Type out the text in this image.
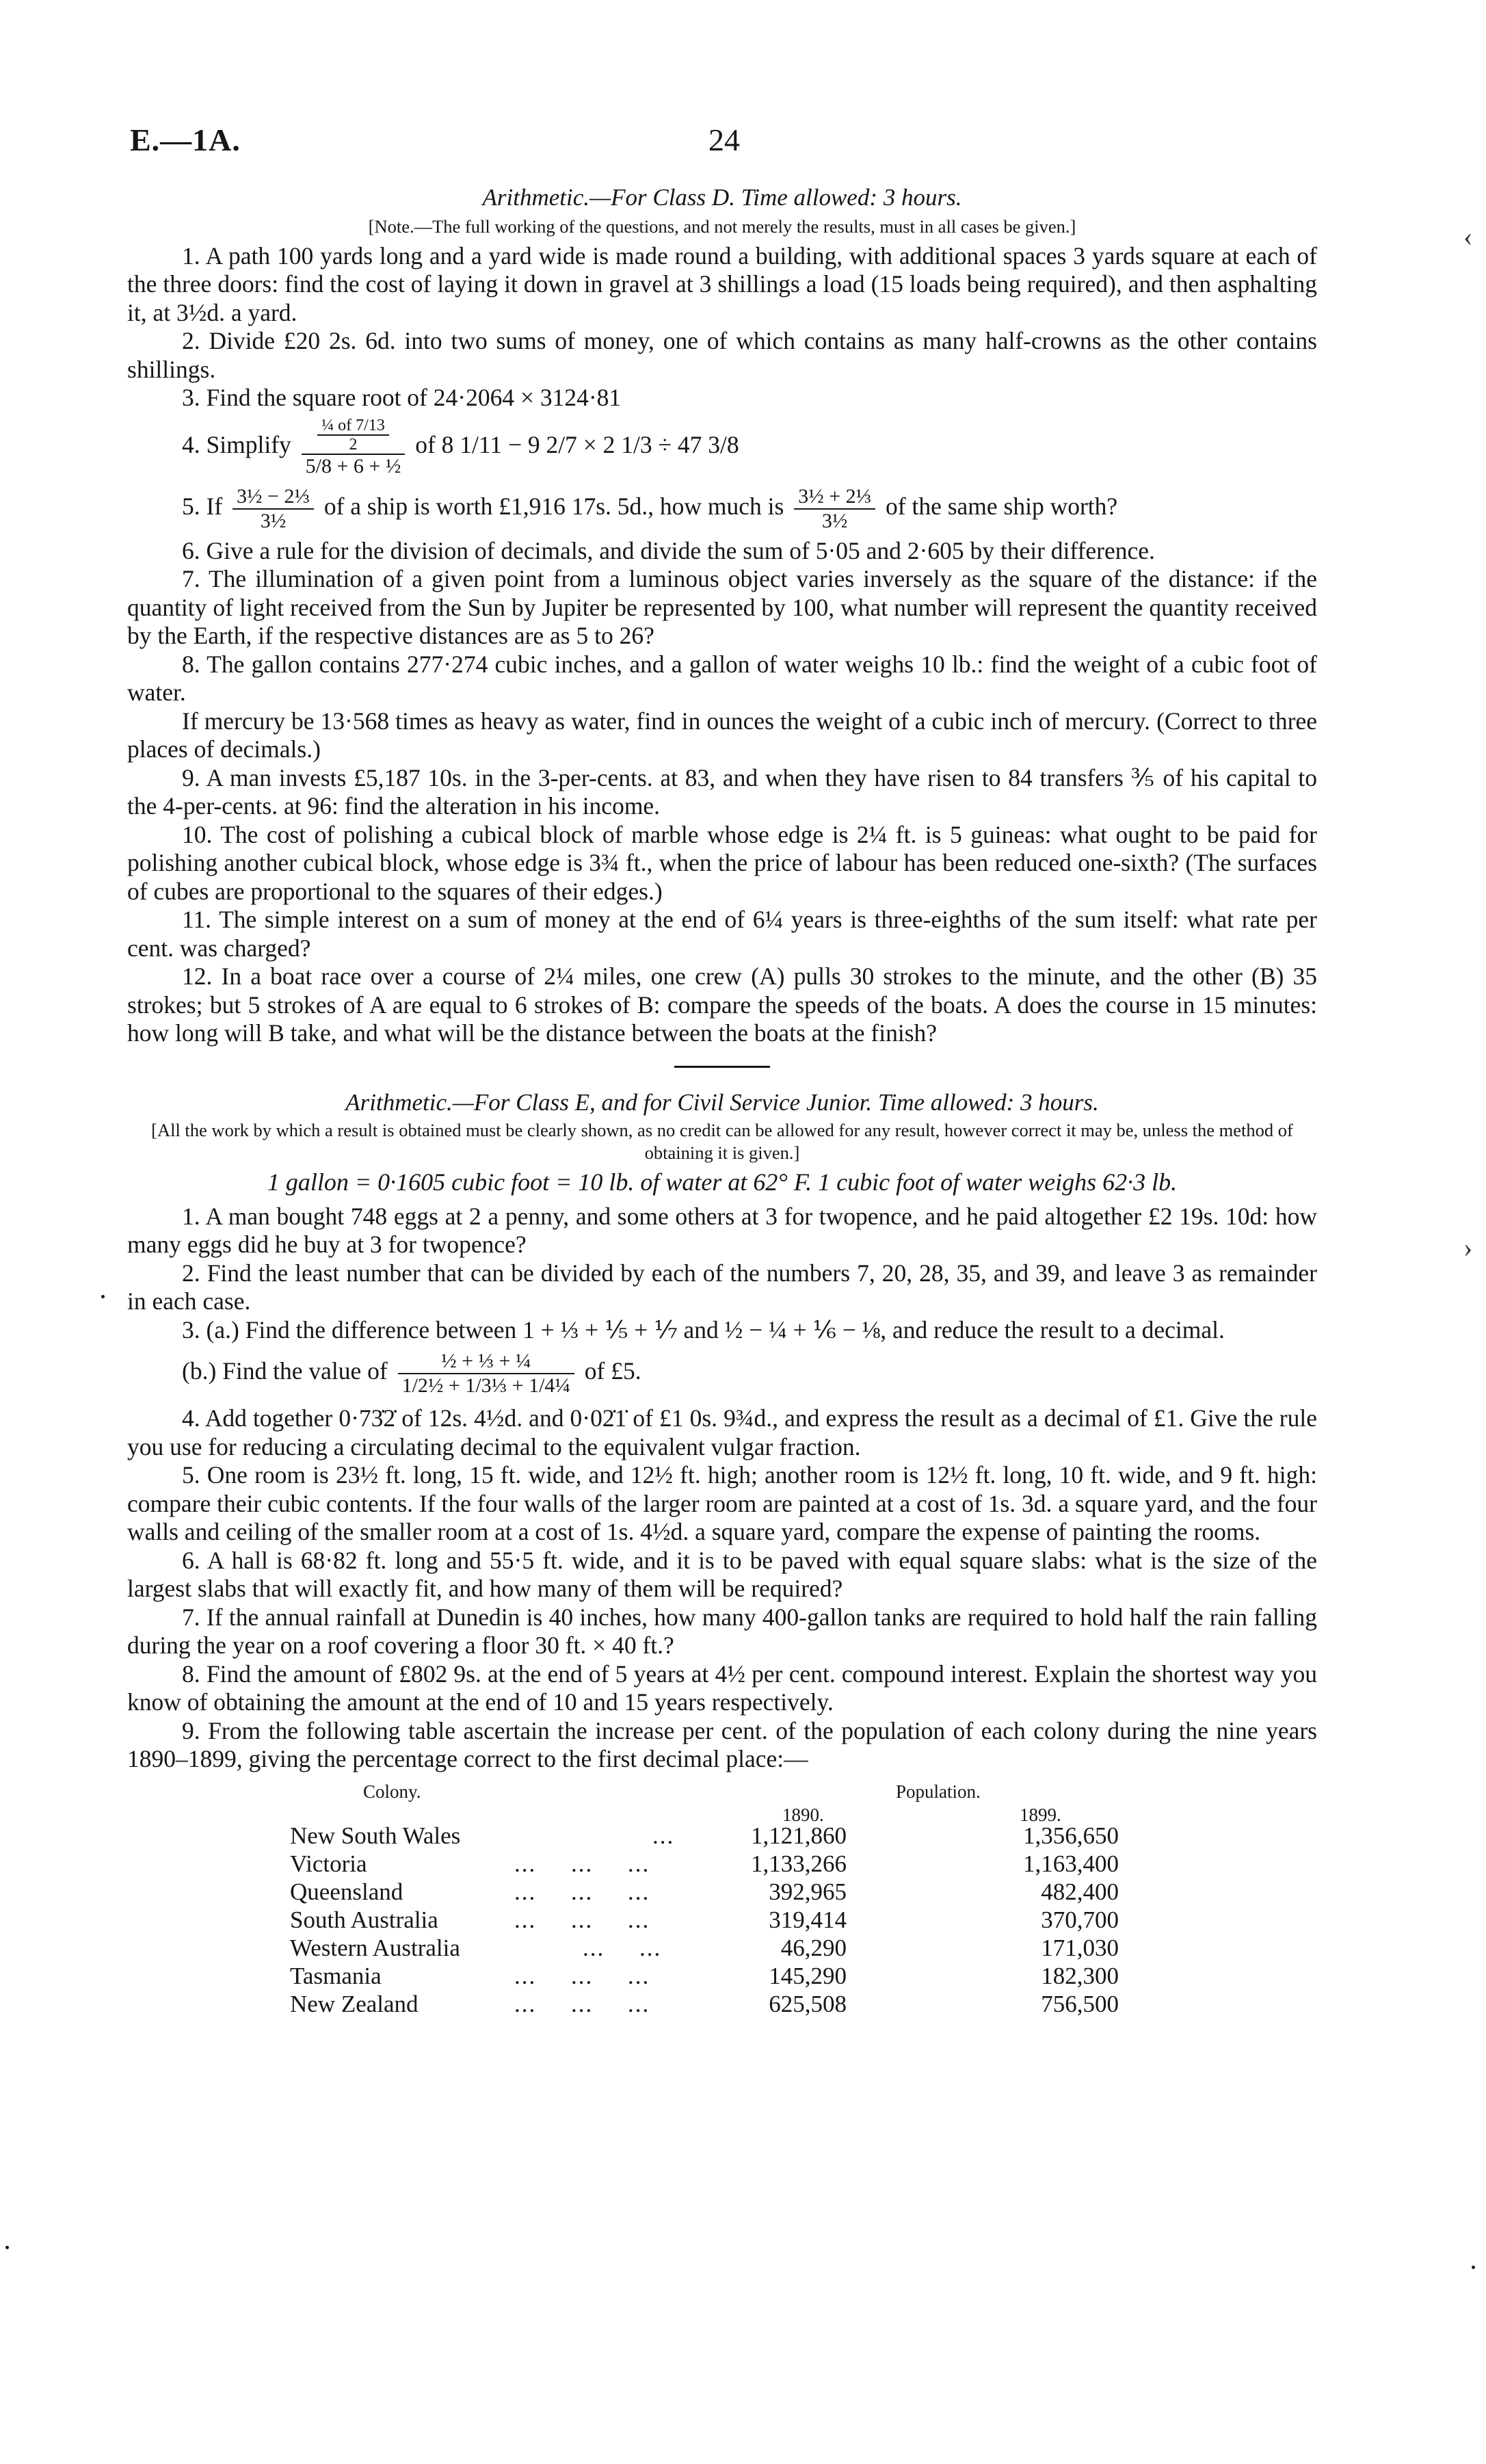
E.—1A.	24
‹
›

Arithmetic.—For Class D. Time allowed: 3 hours.

[Note.—The full working of the questions, and not merely the results, must in all cases be given.]

1. A path 100 yards long and a yard wide is made round a building, with additional spaces 3 yards square at each of the three doors: find the cost of laying it down in gravel at 3 shillings a load (15 loads being required), and then asphalting it, at 3½d. a yard.

2. Divide £20 2s. 6d. into two sums of money, one of which contains as many half-crowns as the other contains shillings.

3. Find the square root of 24·2064 × 3124·81

4. Simplify $\frac{\frac{\text{¼ of 7/13}}{2}}{\text{5/8 + 6 + ½}}$ of 8 1/11 − 9 2/7 × 2 1/3 ÷ 47 3/8

5. If $\frac{\text{3½ − 2⅓}}{\text{3½}}$ of a ship is worth £1,916 17s. 5d., how much is $\frac{\text{3½ + 2⅓}}{\text{3½}}$ of the same ship worth?

6. Give a rule for the division of decimals, and divide the sum of 5·05 and 2·605 by their difference.

7. The illumination of a given point from a luminous object varies inversely as the square of the distance: if the quantity of light received from the Sun by Jupiter be represented by 100, what number will represent the quantity received by the Earth, if the respective distances are as 5 to 26?

8. The gallon contains 277·274 cubic inches, and a gallon of water weighs 10 lb.: find the weight of a cubic foot of water.

If mercury be 13·568 times as heavy as water, find in ounces the weight of a cubic inch of mercury. (Correct to three places of decimals.)

9. A man invests £5,187 10s. in the 3-per-cents. at 83, and when they have risen to 84 transfers ⅗ of his capital to the 4-per-cents. at 96: find the alteration in his income.

10. The cost of polishing a cubical block of marble whose edge is 2¼ ft. is 5 guineas: what ought to be paid for polishing another cubical block, whose edge is 3¾ ft., when the price of labour has been reduced one-sixth? (The surfaces of cubes are proportional to the squares of their edges.)

11. The simple interest on a sum of money at the end of 6¼ years is three-eighths of the sum itself: what rate per cent. was charged?

12. In a boat race over a course of 2¼ miles, one crew (A) pulls 30 strokes to the minute, and the other (B) 35 strokes; but 5 strokes of A are equal to 6 strokes of B: compare the speeds of the boats. A does the course in 15 minutes: how long will B take, and what will be the distance between the boats at the finish?

Arithmetic.—For Class E, and for Civil Service Junior. Time allowed: 3 hours.

[All the work by which a result is obtained must be clearly shown, as no credit can be allowed for any result, however correct it may be, unless the method of obtaining it is given.]

1 gallon = 0·1605 cubic foot = 10 lb. of water at 62° F. 1 cubic foot of water weighs 62·3 lb.

1. A man bought 748 eggs at 2 a penny, and some others at 3 for twopence, and he paid altogether £2 19s. 10d: how many eggs did he buy at 3 for twopence?

2. Find the least number that can be divided by each of the numbers 7, 20, 28, 35, and 39, and leave 3 as remainder in each case.

3. (a.) Find the difference between 1 + ⅓ + ⅕ + ⅐ and ½ − ¼ + ⅙ − ⅛, and reduce the result to a decimal.

(b.) Find the value of $\frac{\text{½ + ⅓ + ¼}}{\text{1/2½ + 1/3⅓ + 1/4¼}}$ of £5.

4. Add together 0·73̇2̇ of 12s. 4½d. and 0·02̇1̇ of £1 0s. 9¾d., and express the result as a decimal of £1. Give the rule you use for reducing a circulating decimal to the equivalent vulgar fraction.

5. One room is 23½ ft. long, 15 ft. wide, and 12½ ft. high; another room is 12½ ft. long, 10 ft. wide, and 9 ft. high: compare their cubic contents. If the four walls of the larger room are painted at a cost of 1s. 3d. a square yard, and the four walls and ceiling of the smaller room at a cost of 1s. 4½d. a square yard, compare the expense of painting the rooms.

6. A hall is 68·82 ft. long and 55·5 ft. wide, and it is to be paved with equal square slabs: what is the size of the largest slabs that will exactly fit, and how many of them will be required?

7. If the annual rainfall at Dunedin is 40 inches, how many 400-gallon tanks are required to hold half the rain falling during the year on a roof covering a floor 30 ft. × 40 ft.?

8. Find the amount of £802 9s. at the end of 5 years at 4½ per cent. compound interest. Explain the shortest way you know of obtaining the amount at the end of 10 and 15 years respectively.

9. From the following table ascertain the increase per cent. of the population of each colony during the nine years 1890–1899, giving the percentage correct to the first decimal place:—

Colony.	Population.
1890.	1899.
New South Wales	...	1,121,860	1,356,650
Victoria	... ... ...	1,133,266	1,163,400
Queensland	... ... ...	392,965	482,400
South Australia	... ... ...	319,414	370,700
Western Australia	... ...	46,290	171,030
Tasmania	... ... ...	145,290	182,300
New Zealand	... ... ...	625,508	756,500
